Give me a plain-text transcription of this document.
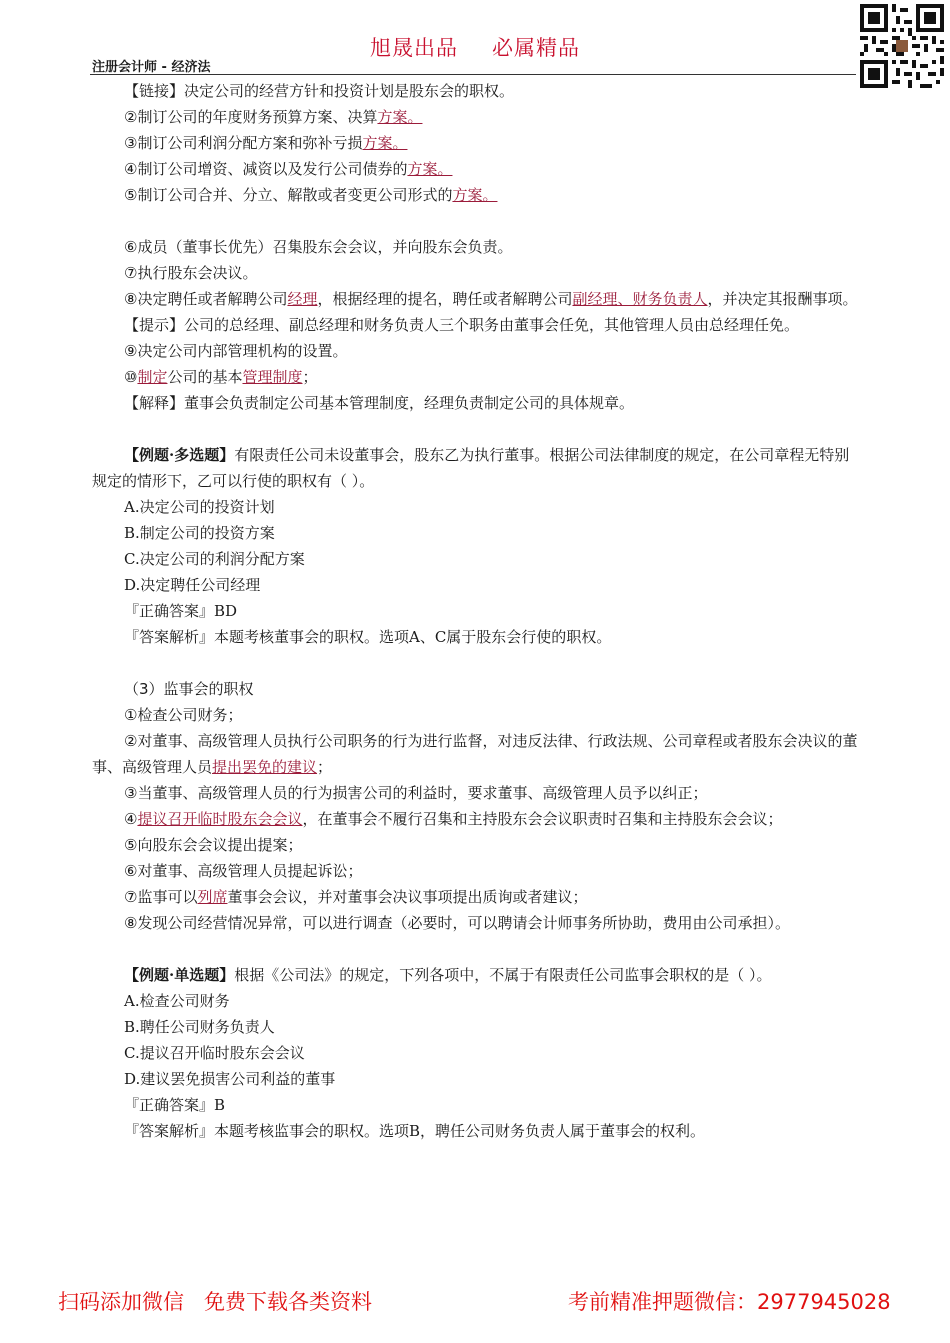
旭晟出品 必属精品
注册会计师 - 经济法

【链接】决定公司的经营方针和投资计划是股东会的职权。

②制订公司的年度财务预算方案、决算方案。

③制订公司利润分配方案和弥补亏损方案。

④制订公司增资、减资以及发行公司债券的方案。

⑤制订公司合并、分立、解散或者变更公司形式的方案。

⑥成员（董事长优先）召集股东会会议，并向股东会负责。

⑦执行股东会决议。

⑧决定聘任或者解聘公司经理，根据经理的提名，聘任或者解聘公司副经理、财务负责人，并决定其报酬事项。

【提示】公司的总经理、副总经理和财务负责人三个职务由董事会任免，其他管理人员由总经理任免。

⑨决定公司内部管理机构的设置。

⑩制定公司的基本管理制度；

【解释】董事会负责制定公司基本管理制度，经理负责制定公司的具体规章。

【例题·多选题】有限责任公司未设董事会，股东乙为执行董事。根据公司法律制度的规定，在公司章程无特别规定的情形下，乙可以行使的职权有（ ）。

A.决定公司的投资计划

B.制定公司的投资方案

C.决定公司的利润分配方案

D.决定聘任公司经理

『正确答案』BD

『答案解析』本题考核董事会的职权。选项A、C属于股东会行使的职权。

（3）监事会的职权

①检查公司财务；

②对董事、高级管理人员执行公司职务的行为进行监督，对违反法律、行政法规、公司章程或者股东会决议的董事、高级管理人员提出罢免的建议；

③当董事、高级管理人员的行为损害公司的利益时，要求董事、高级管理人员予以纠正；

④提议召开临时股东会会议，在董事会不履行召集和主持股东会会议职责时召集和主持股东会会议；

⑤向股东会会议提出提案；

⑥对董事、高级管理人员提起诉讼；

⑦监事可以列席董事会会议，并对董事会决议事项提出质询或者建议；

⑧发现公司经营情况异常，可以进行调查（必要时，可以聘请会计师事务所协助，费用由公司承担）。

【例题·单选题】根据《公司法》的规定，下列各项中，不属于有限责任公司监事会职权的是（ ）。

A.检查公司财务

B.聘任公司财务负责人

C.提议召开临时股东会会议

D.建议罢免损害公司利益的董事

『正确答案』B

『答案解析』本题考核监事会的职权。选项B，聘任公司财务负责人属于董事会的权利。

扫码添加微信 免费下载各类资料	考前精准押题微信：2977945028
